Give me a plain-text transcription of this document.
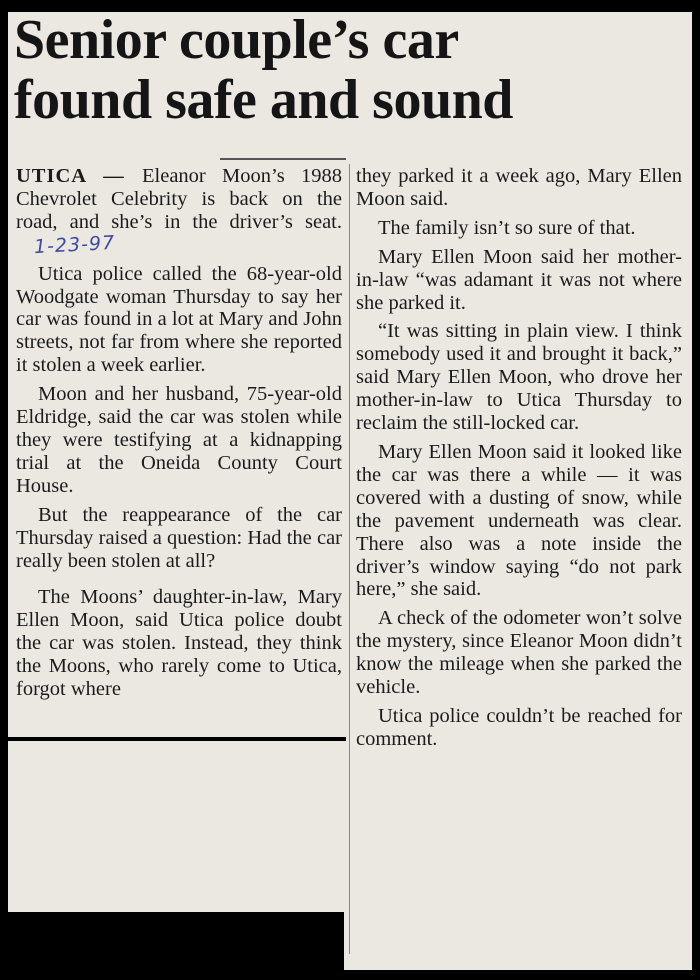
Senior couple’s car
found safe and sound

UTICA — Eleanor Moon’s 1988 Chevrolet Celebrity is back on the road, and she’s in the driver’s seat.1-23-97

Utica police called the 68-year-old Woodgate woman Thursday to say her car was found in a lot at Mary and John streets, not far from where she reported it stolen a week earlier.

Moon and her husband, 75-year-old Eldridge, said the car was stolen while they were testifying at a kidnapping trial at the Oneida County Court House.

But the reappearance of the car Thursday raised a question: Had the car really been stolen at all?

The Moons’ daughter-in-law, Mary Ellen Moon, said Utica police doubt the car was stolen. Instead, they think the Moons, who rarely come to Utica, forgot where

they parked it a week ago, Mary Ellen Moon said.

The family isn’t so sure of that.

Mary Ellen Moon said her mother-in-law “was adamant it was not where she parked it.

“It was sitting in plain view. I think somebody used it and brought it back,” said Mary Ellen Moon, who drove her mother-in-law to Utica Thursday to reclaim the still-locked car.

Mary Ellen Moon said it looked like the car was there a while — it was covered with a dusting of snow, while the pavement underneath was clear. There also was a note inside the driver’s window saying “do not park here,” she said.

A check of the odometer won’t solve the mystery, since Eleanor Moon didn’t know the mileage when she parked the vehicle.

Utica police couldn’t be reached for comment.
